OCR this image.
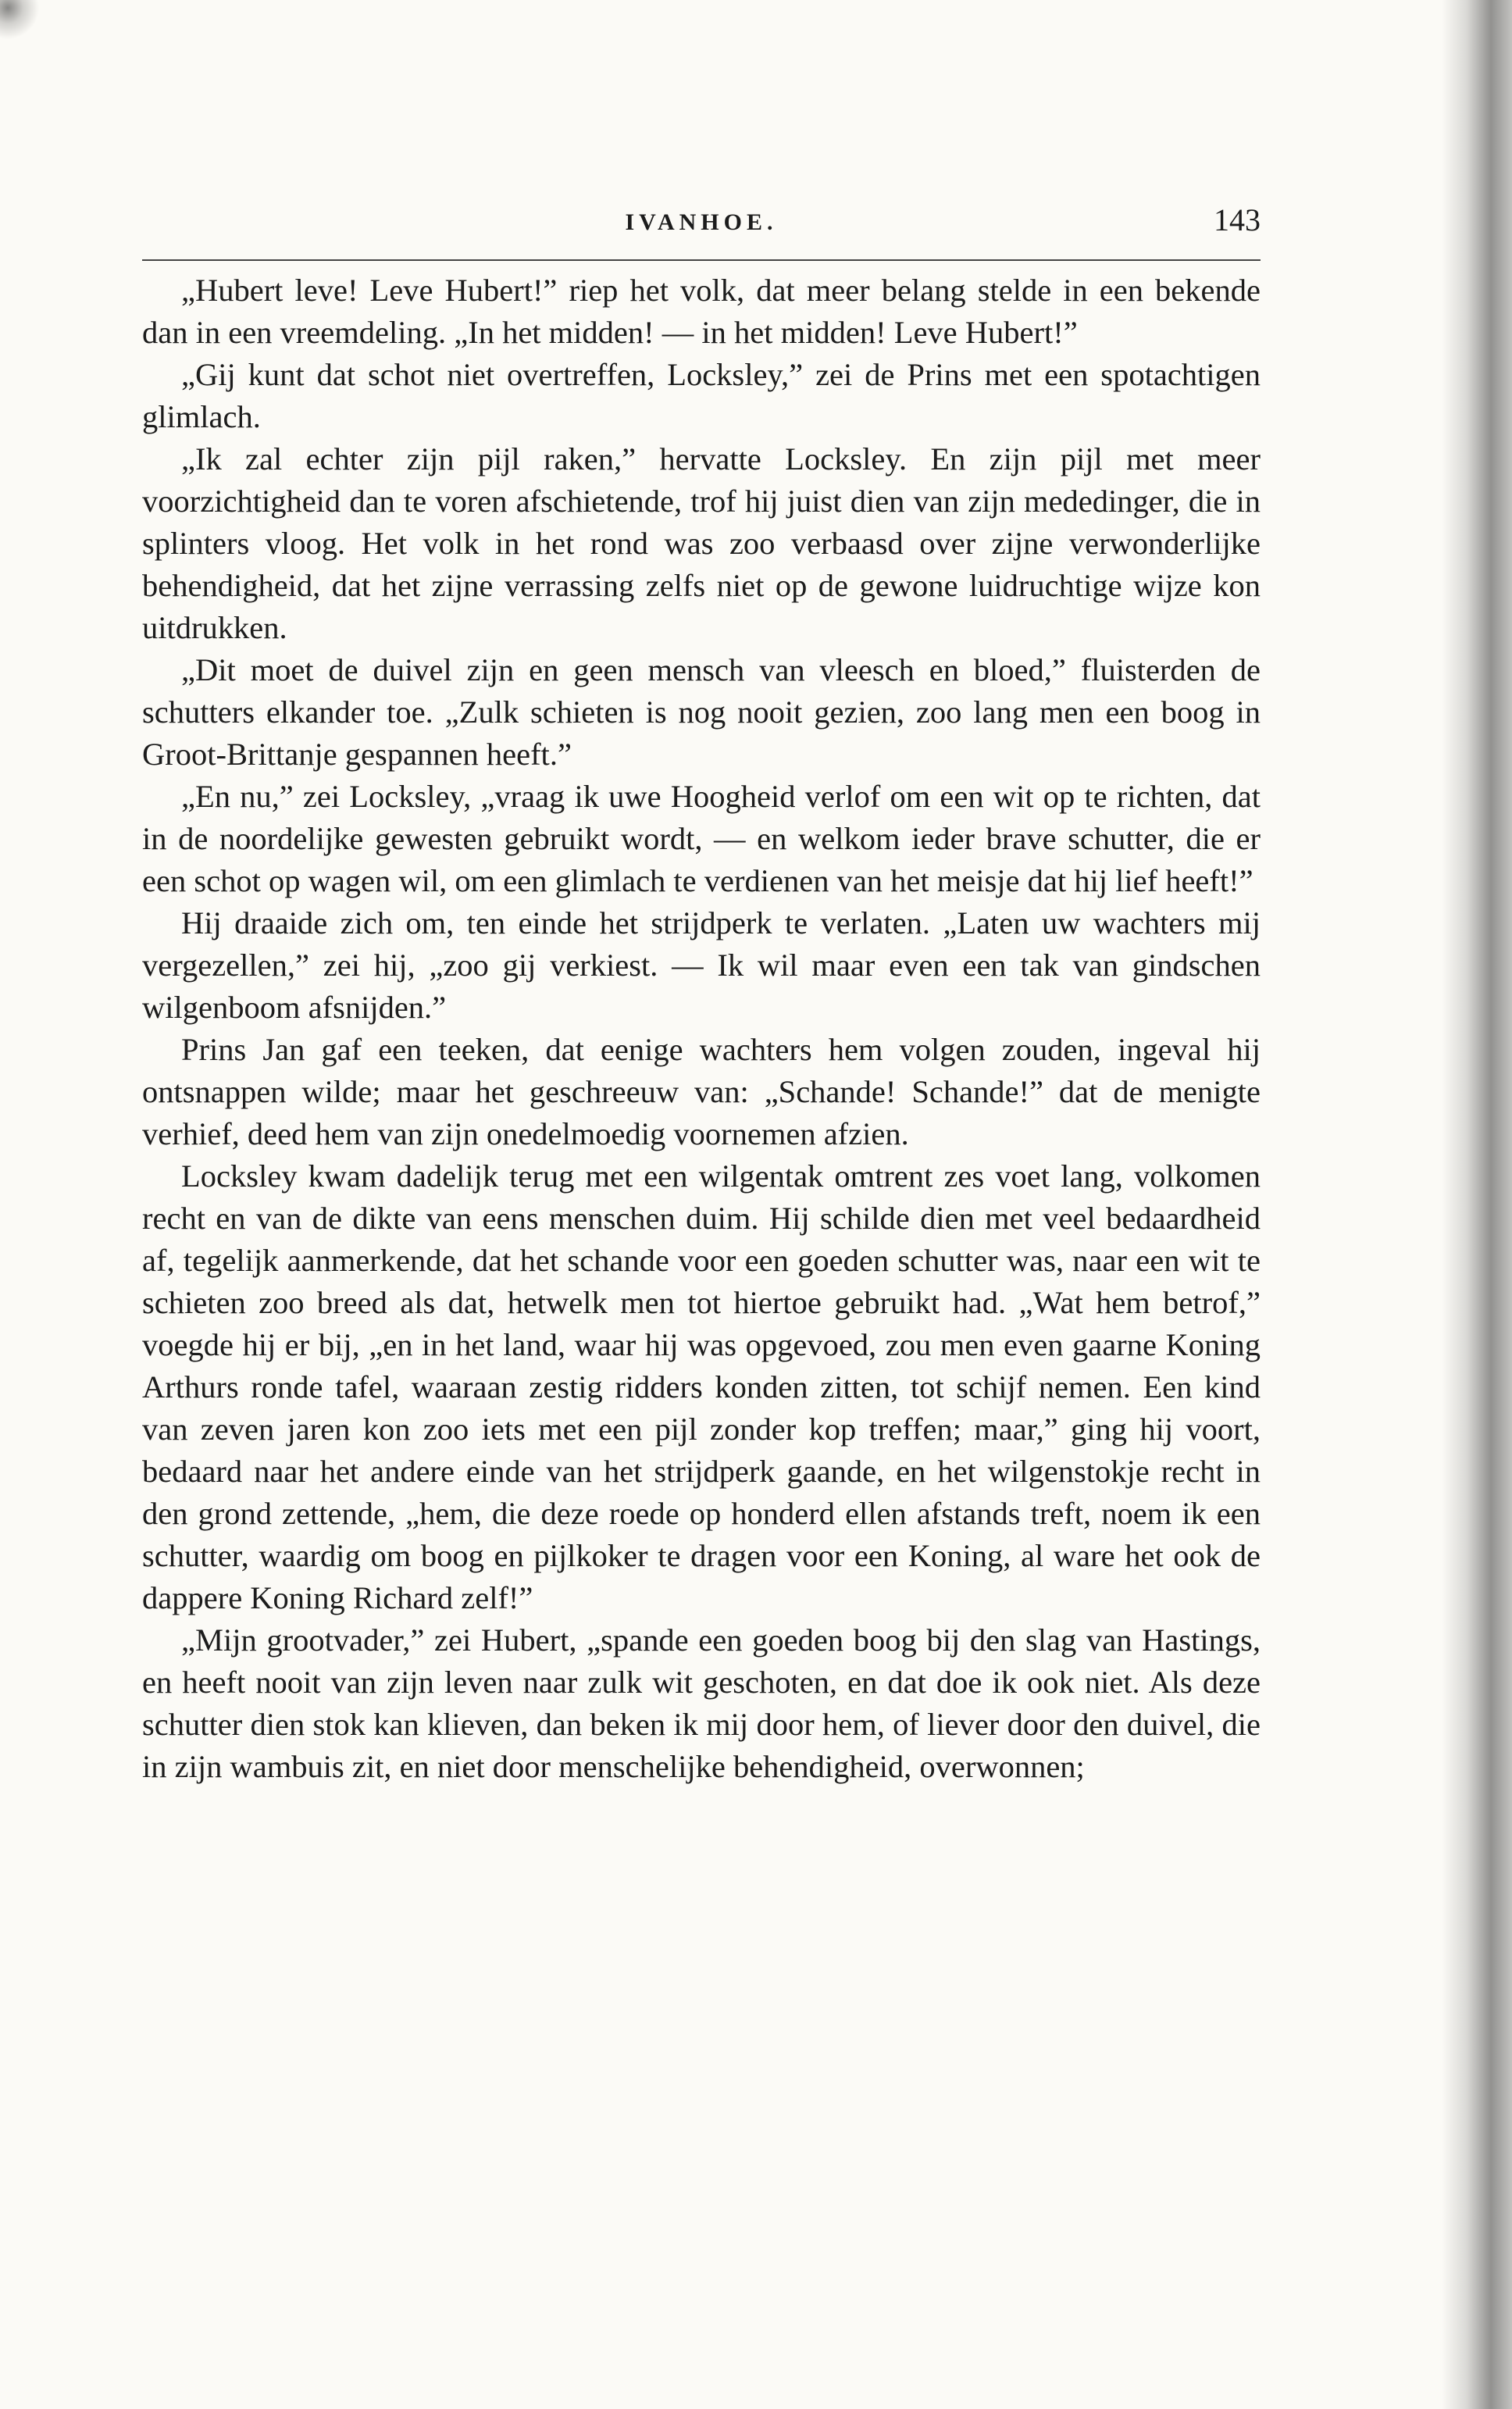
IVANHOE.	143

„Hubert leve! Leve Hubert!” riep het volk, dat meer belang stelde in een bekende dan in een vreemdeling. „In het midden! — in het midden! Leve Hubert!”

„Gij kunt dat schot niet overtreffen, Locksley,” zei de Prins met een spotachtigen glimlach.

„Ik zal echter zijn pijl raken,” hervatte Locksley. En zijn pijl met meer voorzichtigheid dan te voren afschietende, trof hij juist dien van zijn mededinger, die in splinters vloog. Het volk in het rond was zoo verbaasd over zijne verwonderlijke behendigheid, dat het zijne verrassing zelfs niet op de gewone luidruchtige wijze kon uitdrukken.

„Dit moet de duivel zijn en geen mensch van vleesch en bloed,” fluisterden de schutters elkander toe. „Zulk schieten is nog nooit gezien, zoo lang men een boog in Groot-Brittanje gespannen heeft.”

„En nu,” zei Locksley, „vraag ik uwe Hoogheid verlof om een wit op te richten, dat in de noordelijke gewesten gebruikt wordt, — en welkom ieder brave schutter, die er een schot op wagen wil, om een glimlach te verdienen van het meisje dat hij lief heeft!”

Hij draaide zich om, ten einde het strijdperk te verlaten. „Laten uw wachters mij vergezellen,” zei hij, „zoo gij verkiest. — Ik wil maar even een tak van gindschen wilgenboom afsnijden.”

Prins Jan gaf een teeken, dat eenige wachters hem volgen zouden, ingeval hij ontsnappen wilde; maar het geschreeuw van: „Schande! Schande!” dat de menigte verhief, deed hem van zijn onedelmoedig voornemen afzien.

Locksley kwam dadelijk terug met een wilgentak omtrent zes voet lang, volkomen recht en van de dikte van eens menschen duim. Hij schilde dien met veel bedaardheid af, tegelijk aanmerkende, dat het schande voor een goeden schutter was, naar een wit te schieten zoo breed als dat, hetwelk men tot hiertoe gebruikt had. „Wat hem betrof,” voegde hij er bij, „en in het land, waar hij was opgevoed, zou men even gaarne Koning Arthurs ronde tafel, waaraan zestig ridders konden zitten, tot schijf nemen. Een kind van zeven jaren kon zoo iets met een pijl zonder kop treffen; maar,” ging hij voort, bedaard naar het andere einde van het strijdperk gaande, en het wilgenstokje recht in den grond zettende, „hem, die deze roede op honderd ellen afstands treft, noem ik een schutter, waardig om boog en pijlkoker te dragen voor een Koning, al ware het ook de dappere Koning Richard zelf!”

„Mijn grootvader,” zei Hubert, „spande een goeden boog bij den slag van Hastings, en heeft nooit van zijn leven naar zulk wit geschoten, en dat doe ik ook niet. Als deze schutter dien stok kan klieven, dan beken ik mij door hem, of liever door den duivel, die in zijn wambuis zit, en niet door menschelijke behendigheid, overwonnen;
